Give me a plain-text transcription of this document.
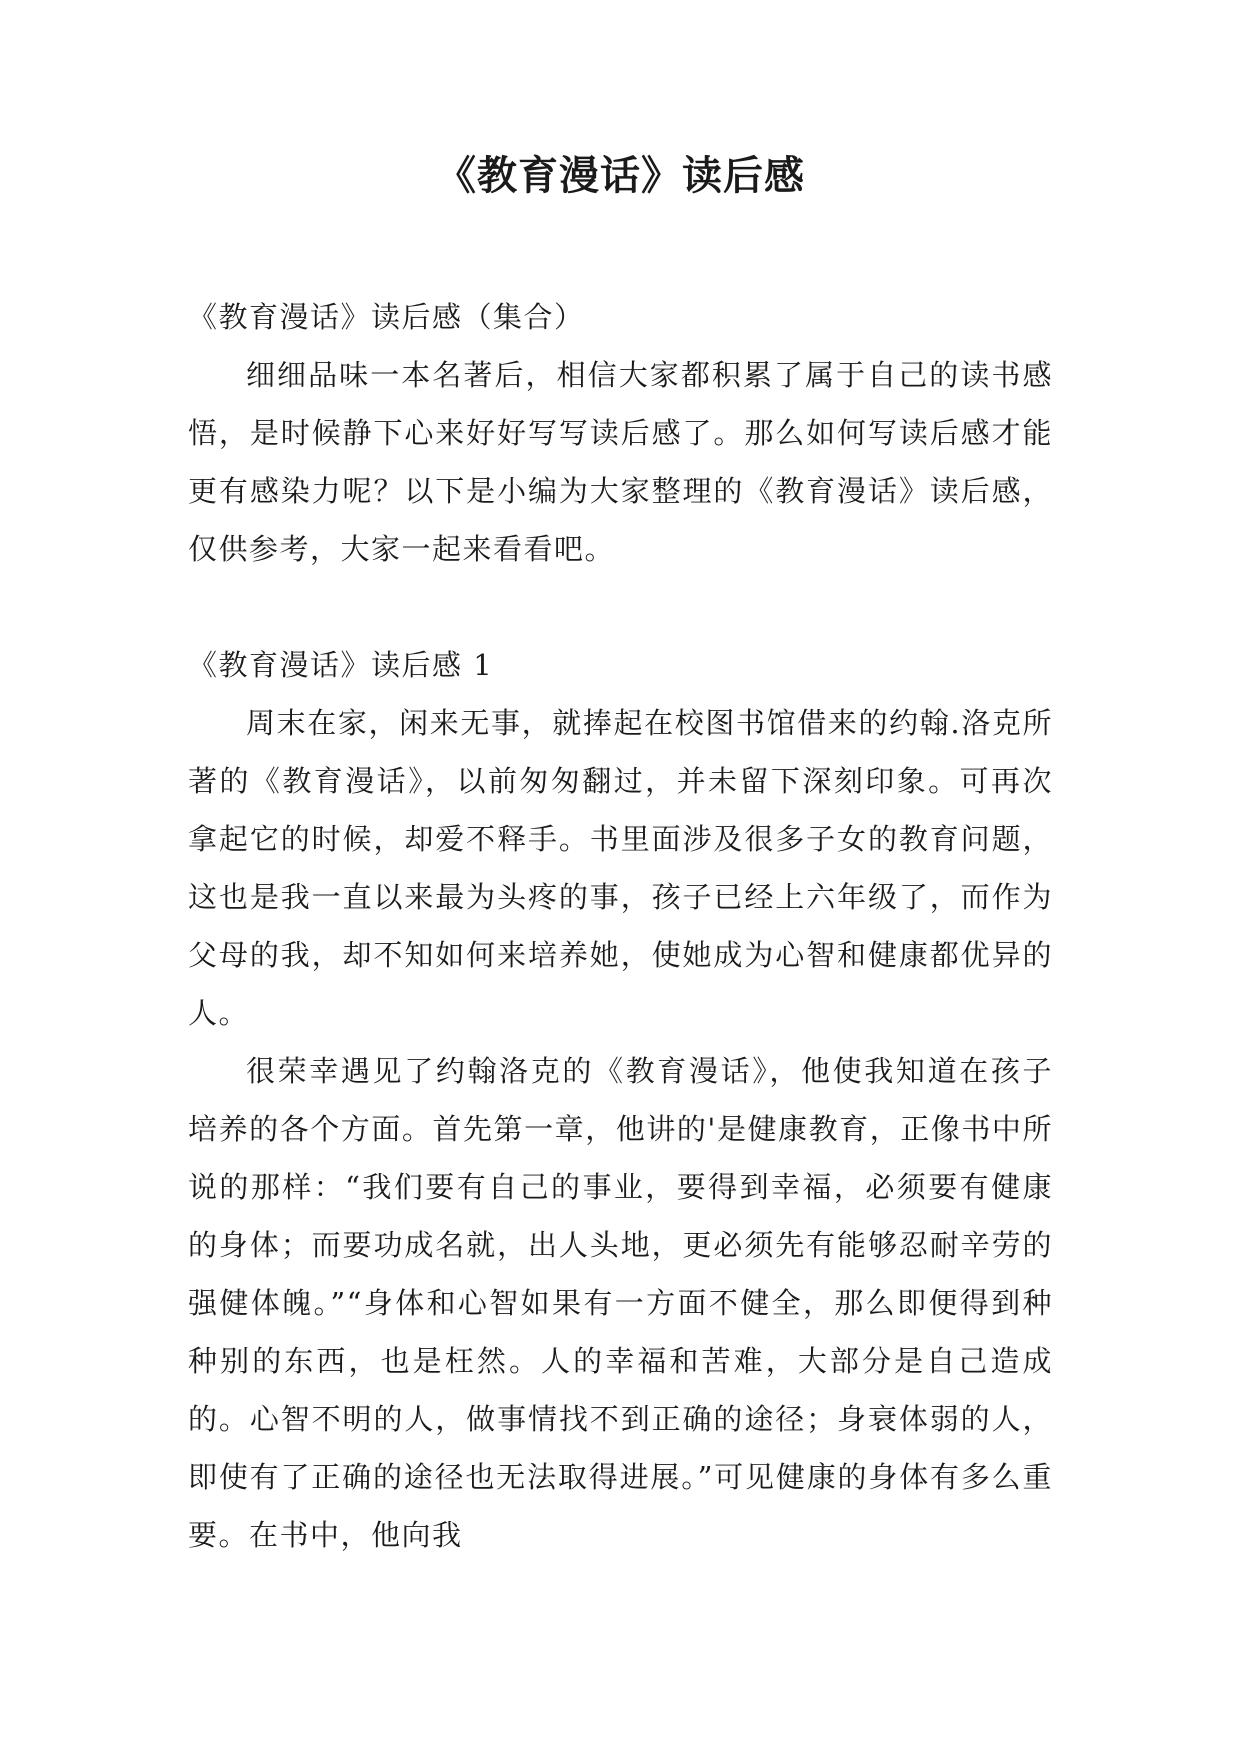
《教育漫话》读后感

《教育漫话》读后感（集合）

细细品味一本名著后，相信大家都积累了属于自己的读书感悟，是时候静下心来好好写写读后感了。那么如何写读后感才能更有感染力呢？以下是小编为大家整理的《教育漫话》读后感，仅供参考，大家一起来看看吧。

《教育漫话》读后感 1

周末在家，闲来无事，就捧起在校图书馆借来的约翰.洛克所著的《教育漫话》，以前匆匆翻过，并未留下深刻印象。可再次拿起它的时候，却爱不释手。书里面涉及很多子女的教育问题，这也是我一直以来最为头疼的事，孩子已经上六年级了，而作为父母的我，却不知如何来培养她，使她成为心智和健康都优异的人。

很荣幸遇见了约翰洛克的《教育漫话》，他使我知道在孩子培养的各个方面。首先第一章，他讲的'是健康教育，正像书中所说的那样：“我们要有自己的事业，要得到幸福，必须要有健康的身体；而要功成名就，出人头地，更必须先有能够忍耐辛劳的强健体魄。”“身体和心智如果有一方面不健全，那么即便得到种种别的东西，也是枉然。人的幸福和苦难，大部分是自己造成的。心智不明的人，做事情找不到正确的途径；身衰体弱的人，即使有了正确的途径也无法取得进展。”可见健康的身体有多么重要。在书中，他向我
